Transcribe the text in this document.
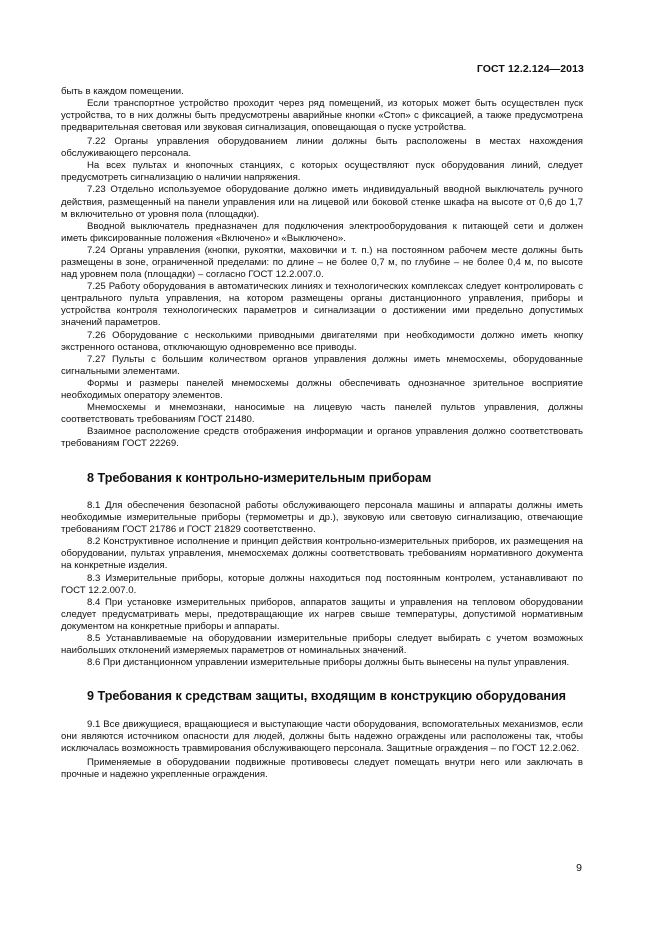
ГОСТ 12.2.124—2013

быть в каждом помещении.

Если транспортное устройство проходит через ряд помещений, из которых может быть осуществлен пуск устройства, то в них должны быть предусмотрены аварийные кнопки «Стоп» с фиксацией, а также предусмотрена предварительная световая или звуковая сигнализация, оповещающая о пуске устройства.

7.22 Органы управления оборудованием линии должны быть расположены в местах нахождения обслуживающего персонала.

На всех пультах и кнопочных станциях, с которых осуществляют пуск оборудования линий, следует предусмотреть сигнализацию о наличии напряжения.

7.23 Отдельно используемое оборудование должно иметь индивидуальный вводной выключатель ручного действия, размещенный на панели управления или на лицевой или боковой стенке шкафа на высоте от 0,6 до 1,7 м включительно от уровня пола (площадки).

Вводной выключатель предназначен для подключения электрооборудования к питающей сети и должен иметь фиксированные положения «Включено» и «Выключено».

7.24 Органы управления (кнопки, рукоятки, маховички и т. п.) на постоянном рабочем месте должны быть размещены в зоне, ограниченной пределами: по длине – не более 0,7 м, по глубине – не более 0,4 м, по высоте над уровнем пола (площадки) – согласно ГОСТ 12.2.007.0.

7.25 Работу оборудования в автоматических линиях и технологических комплексах следует контролировать с центрального пульта управления, на котором размещены органы дистанционного управления, приборы и устройства контроля технологических параметров и сигнализации о достижении ими предельно допустимых значений параметров.

7.26 Оборудование с несколькими приводными двигателями при необходимости должно иметь кнопку экстренного останова, отключающую одновременно все приводы.

7.27 Пульты с большим количеством органов управления должны иметь мнемосхемы, оборудованные сигнальными элементами.

Формы и размеры панелей мнемосхемы должны обеспечивать однозначное зрительное восприятие необходимых оператору элементов.

Мнемосхемы и мнемознаки, наносимые на лицевую часть панелей пультов управления, должны соответствовать требованиям ГОСТ 21480.

Взаимное расположение средств отображения информации и органов управления должно соответствовать требованиям ГОСТ 22269.

8 Требования к контрольно-измерительным приборам

8.1 Для обеспечения безопасной работы обслуживающего персонала машины и аппараты должны иметь необходимые измерительные приборы (термометры и др.), звуковую или световую сигнализацию, отвечающие требованиям ГОСТ 21786 и ГОСТ 21829 соответственно.

8.2 Конструктивное исполнение и принцип действия контрольно-измерительных приборов, их размещения на оборудовании, пультах управления, мнемосхемах должны соответствовать требованиям нормативного документа на конкретные изделия.

8.3 Измерительные приборы, которые должны находиться под постоянным контролем, устанавливают по ГОСТ 12.2.007.0.

8.4 При установке измерительных приборов, аппаратов защиты и управления на тепловом оборудовании следует предусматривать меры, предотвращающие их нагрев свыше температуры, допустимой нормативным документом на конкретные приборы и аппараты.

8.5 Устанавливаемые на оборудовании измерительные приборы следует выбирать с учетом возможных наибольших отклонений измеряемых параметров от номинальных значений.

8.6 При дистанционном управлении измерительные приборы должны быть вынесены на пульт управления.

9 Требования к средствам защиты, входящим в конструкцию оборудования

9.1 Все движущиеся, вращающиеся и выступающие части оборудования, вспомогательных механизмов, если они являются источником опасности для людей, должны быть надежно ограждены или расположены так, чтобы исключалась возможность травмирования обслуживающего персонала. Защитные ограждения – по ГОСТ 12.2.062.

Применяемые в оборудовании подвижные противовесы следует помещать внутри него или заключать в прочные и надежно укрепленные ограждения.

9
